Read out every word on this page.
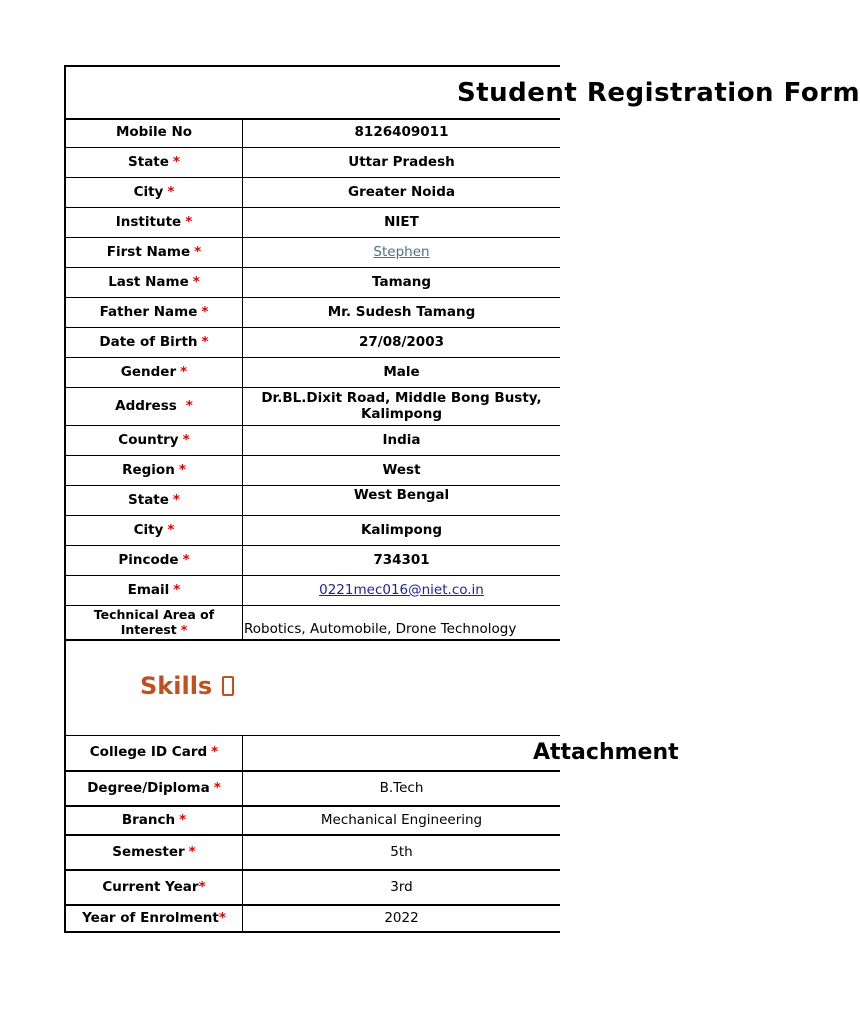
Student Registration Form
Mobile No	8126409011
State *	Uttar Pradesh
City *	Greater Noida
Institute *	NIET
First Name *	Stephen
Last Name *	Tamang
Father Name *	Mr. Sudesh Tamang
Date of Birth *	27/08/2003
Gender *	Male
Address *	Dr.BL.Dixit Road, Middle Bong Busty, Kalimpong
Country *	India
Region *	West
State *	West Bengal
City *	Kalimpong
Pincode *	734301
Email *	0221mec016@niet.co.in
Technical Area of Interest *	Robotics, Automobile, Drone Technology
Skills
College ID Card *	Attachment
Degree/Diploma *	B.Tech
Branch *	Mechanical Engineering
Semester *	5th
Current Year *	3rd
Year of Enrolment *	2022
